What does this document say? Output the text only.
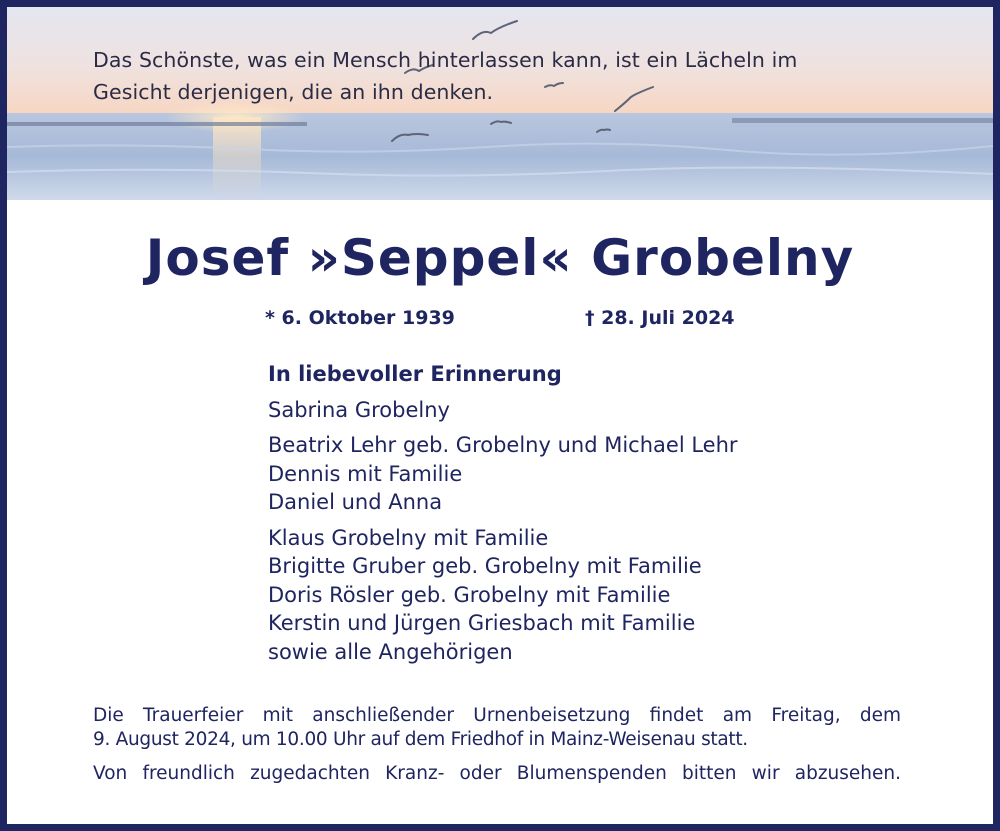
Das Schönste, was ein Mensch hinterlassen kann, ist ein Lächeln im
Gesicht derjenigen, die an ihn denken.
Josef »Seppel« Grobelny
* 6. Oktober 1939	† 28. Juli 2024
In liebevoller Erinnerung
Sabrina Grobelny
Beatrix Lehr geb. Grobelny und Michael Lehr
Dennis mit Familie
Daniel und Anna
Klaus Grobelny mit Familie
Brigitte Gruber geb. Grobelny mit Familie
Doris Rösler geb. Grobelny mit Familie
Kerstin und Jürgen Griesbach mit Familie
sowie alle Angehörigen

Die Trauerfeier mit anschließender Urnenbeisetzung findet am Freitag, dem

9. August 2024, um 10.00 Uhr auf dem Friedhof in Mainz-Weisenau statt.

Von freundlich zugedachten Kranz- oder Blumenspenden bitten wir abzusehen.
